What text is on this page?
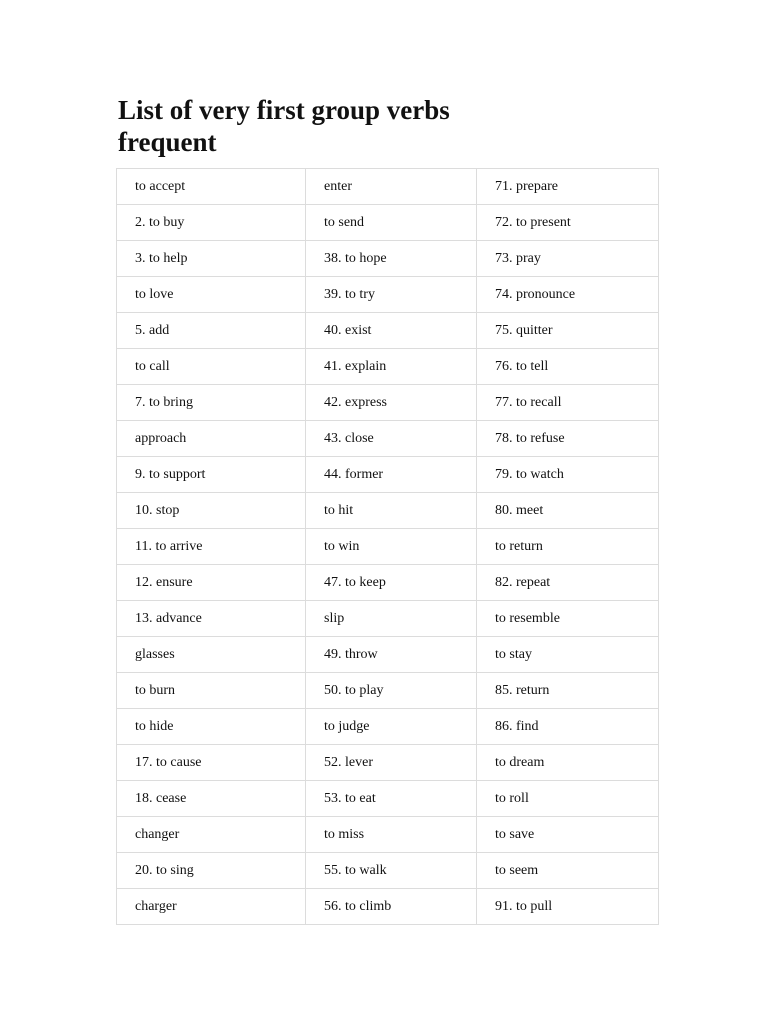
List of very first group verbs frequent
to accept	enter	71. prepare
2. to buy	to send	72. to present
3. to help	38. to hope	73. pray
to love	39. to try	74. pronounce
5. add	40. exist	75. quitter
to call	41. explain	76. to tell
7. to bring	42. express	77. to recall
approach	43. close	78. to refuse
9. to support	44. former	79. to watch
10. stop	to hit	80. meet
11. to arrive	to win	to return
12. ensure	47. to keep	82. repeat
13. advance	slip	to resemble
glasses	49. throw	to stay
to burn	50. to play	85. return
to hide	to judge	86. find
17. to cause	52. lever	to dream
18. cease	53. to eat	to roll
changer	to miss	to save
20. to sing	55. to walk	to seem
charger	56. to climb	91. to pull
